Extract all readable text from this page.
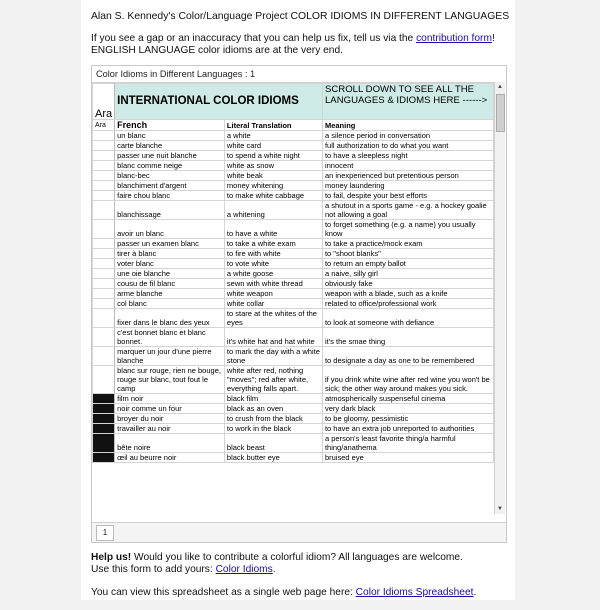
Alan S. Kennedy's Color/Language Project COLOR IDIOMS IN DIFFERENT LANGUAGES
If you see a gap or an inaccuracy that you can help us fix, tell us via the contribution form!
ENGLISH LANGUAGE color idioms are at the very end.
Color Idioms in Different Languages : 1
Ara	INTERNATIONAL COLOR IDIOMS		SCROLL DOWN TO SEE ALL THE LANGUAGES & IDIOMS HERE ------>
Ara	French	Literal Translation	Meaning
	un blanc	a white	a silence period in conversation
	carte blanche	white card	full authorization to do what you want
	passer une nuit blanche	to spend a white night	to have a sleepless night
	blanc comme neige	white as snow	innocent
	blanc-bec	white beak	an inexperienced but pretentious person
	blanchiment d'argent	money whitening	money laundering
	faire chou blanc	to make white cabbage	to fail, despite your best efforts
	blanchissage	a whitening	a shutout in a sports game - e.g. a hockey goalie not allowing a goal
	avoir un blanc	to have a white	to forget something (e.g. a name) you usually know
	passer un examen blanc	to take a white exam	to take a practice/mock exam
	tirer à blanc	to fire with white	to "shoot blanks"
	voter blanc	to vote white	to return an empty ballot
	une oie blanche	a white goose	a naive, silly girl
	cousu de fil blanc	sewn with white thread	obviously fake
	arme blanche	white weapon	weapon with a blade, such as a knife
	col blanc	white collar	related to office/professional work
	fixer dans le blanc des yeux	to stare at the whites of the eyes	to look at someone with defiance
	c'est bonnet blanc et blanc bonnet.	it's white hat and hat white	it's the smae thing
	marquer un jour d'une pierre blanche	to mark the day with a white stone	to designate a day as one to be remembered
	blanc sur rouge, rien ne bouge, rouge sur blanc, tout fout le camp	white after red, nothing "moves"; red after white, everything falls apart.	if you drink white wine after red wine you won't be sick; the other way around makes you sick.
	film noir	black film	atmospherically suspenseful cinema
	noir comme un four	black as an oven	very dark black
	broyer du noir	to crush from the black	to be gloomy, pessimistic
	travailler au noir	to work in the black	to have an extra job unreported to authorities
	bête noire	black beast	a person's least favorite thing/a harmful thing/anathema
	œil au beurre noir	black butter eye	bruised eye
▲
▼
1

Help us! Would you like to contribute a colorful idiom? All languages are welcome.
Use this form to add yours: Color Idioms.

You can view this spreadsheet as a single web page here: Color Idioms Spreadsheet.
